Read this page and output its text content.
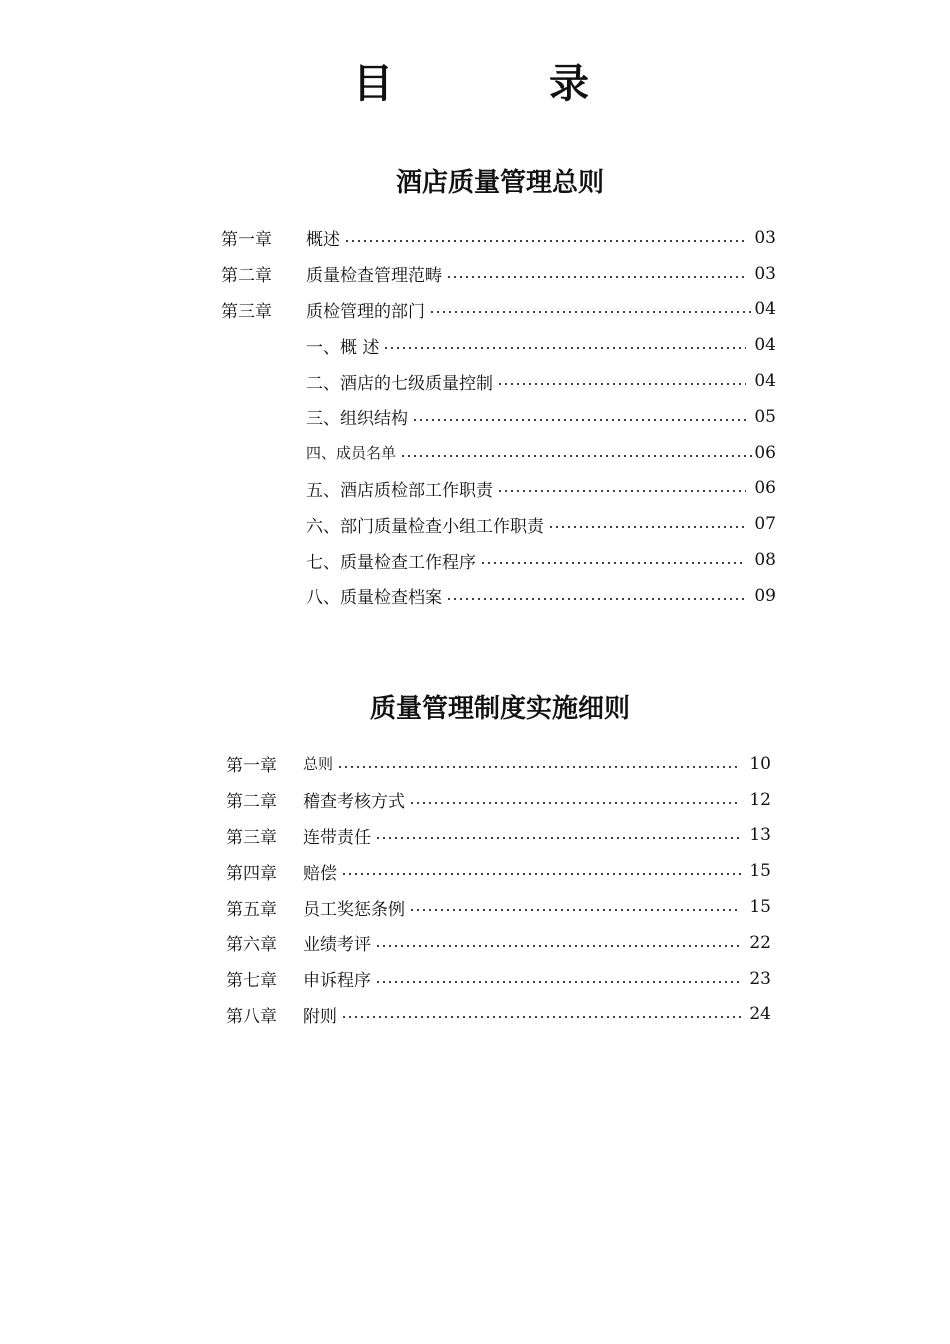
目　录
酒店质量管理总则
第一章	概述	03
第二章	质量检查管理范畴	03
第三章	质检管理的部门	04
一、概 述	04
二、酒店的七级质量控制	04
三、组织结构	05
四、成员名单	06
五、酒店质检部工作职责	06
六、部门质量检查小组工作职责	07
七、质量检查工作程序	08
八、质量检查档案	09
质量管理制度实施细则
第一章	总则	10
第二章	稽查考核方式	12
第三章	连带责任	13
第四章	赔偿	15
第五章	员工奖惩条例	15
第六章	业绩考评	22
第七章	申诉程序	23
第八章	附则	24
